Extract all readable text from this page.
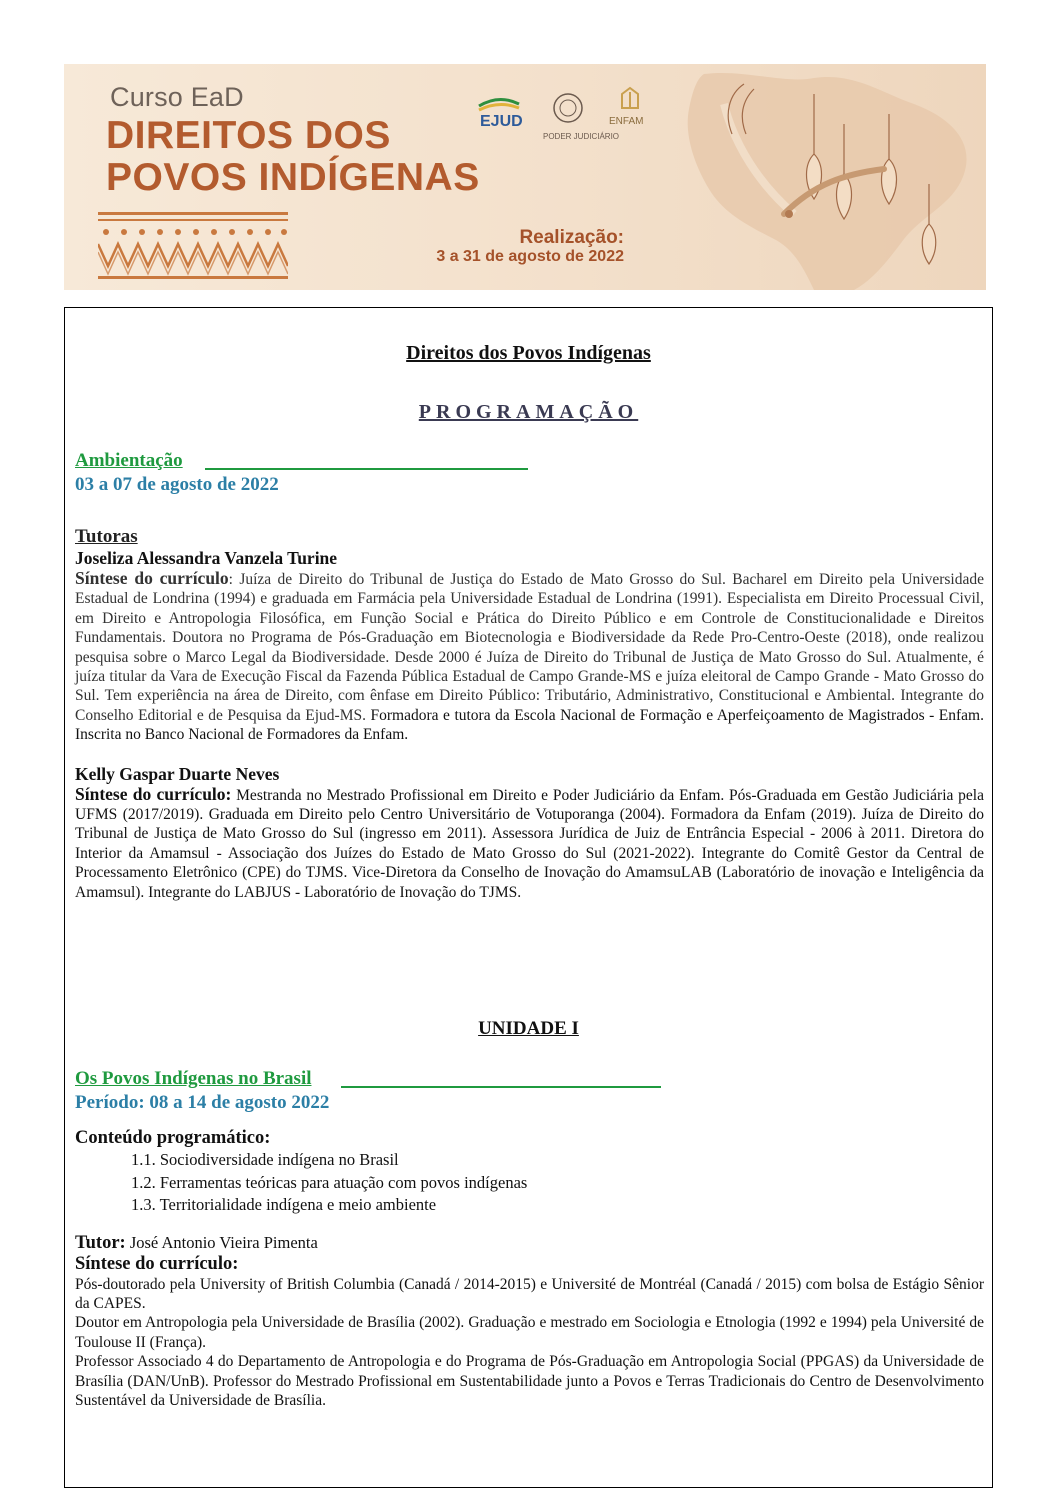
Curso EaD
DIREITOS DOS
POVOS INDÍGENAS
EJUD
PODER JUDICIÁRIO
ENFAM
Realização:
3 a 31 de agosto de 2022
Direitos dos Povos Indígenas
PROGRAMAÇÃO
Ambientação
03 a 07 de agosto de 2022
Tutoras
Joseliza Alessandra Vanzela Turine

Síntese do currículo: Juíza de Direito do Tribunal de Justiça do Estado de Mato Grosso do Sul. Bacharel em Direito pela Universidade Estadual de Londrina (1994) e graduada em Farmácia pela Universidade Estadual de Londrina (1991). Especialista em Direito Processual Civil, em Direito e Antropologia Filosófica, em Função Social e Prática do Direito Público e em Controle de Constitucionalidade e Direitos Fundamentais. Doutora no Programa de Pós-Graduação em Biotecnologia e Biodiversidade da Rede Pro-Centro-Oeste (2018), onde realizou pesquisa sobre o Marco Legal da Biodiversidade. Desde 2000 é Juíza de Direito do Tribunal de Justiça de Mato Grosso do Sul. Atualmente, é juíza titular da Vara de Execução Fiscal da Fazenda Pública Estadual de Campo Grande-MS e juíza eleitoral de Campo Grande - Mato Grosso do Sul. Tem experiência na área de Direito, com ênfase em Direito Público: Tributário, Administrativo, Constitucional e Ambiental. Integrante do Conselho Editorial e de Pesquisa da Ejud-MS. Formadora e tutora da Escola Nacional de Formação e Aperfeiçoamento de Magistrados - Enfam. Inscrita no Banco Nacional de Formadores da Enfam.

Kelly Gaspar Duarte Neves

Síntese do currículo: Mestranda no Mestrado Profissional em Direito e Poder Judiciário da Enfam. Pós-Graduada em Gestão Judiciária pela UFMS (2017/2019). Graduada em Direito pelo Centro Universitário de Votuporanga (2004). Formadora da Enfam (2019). Juíza de Direito do Tribunal de Justiça de Mato Grosso do Sul (ingresso em 2011). Assessora Jurídica de Juiz de Entrância Especial - 2006 à 2011. Diretora do Interior da Amamsul - Associação dos Juízes do Estado de Mato Grosso do Sul (2021-2022). Integrante do Comitê Gestor da Central de Processamento Eletrônico (CPE) do TJMS. Vice-Diretora da Conselho de Inovação do AmamsuLAB (Laboratório de inovação e Inteligência da Amamsul). Integrante do LABJUS - Laboratório de Inovação do TJMS.

UNIDADE I
Os Povos Indígenas no Brasil
Período: 08 a 14 de agosto 2022
Conteúdo programático:
1.1. Sociodiversidade indígena no Brasil
1.2. Ferramentas teóricas para atuação com povos indígenas
1.3. Territorialidade indígena e meio ambiente
Tutor: José Antonio Vieira Pimenta
Síntese do currículo:

Pós-doutorado pela University of British Columbia (Canadá / 2014-2015) e Université de Montréal (Canadá / 2015) com bolsa de Estágio Sênior da CAPES.

Doutor em Antropologia pela Universidade de Brasília (2002). Graduação e mestrado em Sociologia e Etnologia (1992 e 1994) pela Université de Toulouse II (França).

Professor Associado 4 do Departamento de Antropologia e do Programa de Pós-Graduação em Antropologia Social (PPGAS) da Universidade de Brasília (DAN/UnB). Professor do Mestrado Profissional em Sustentabilidade junto a Povos e Terras Tradicionais do Centro de Desenvolvimento Sustentável da Universidade de Brasília.
